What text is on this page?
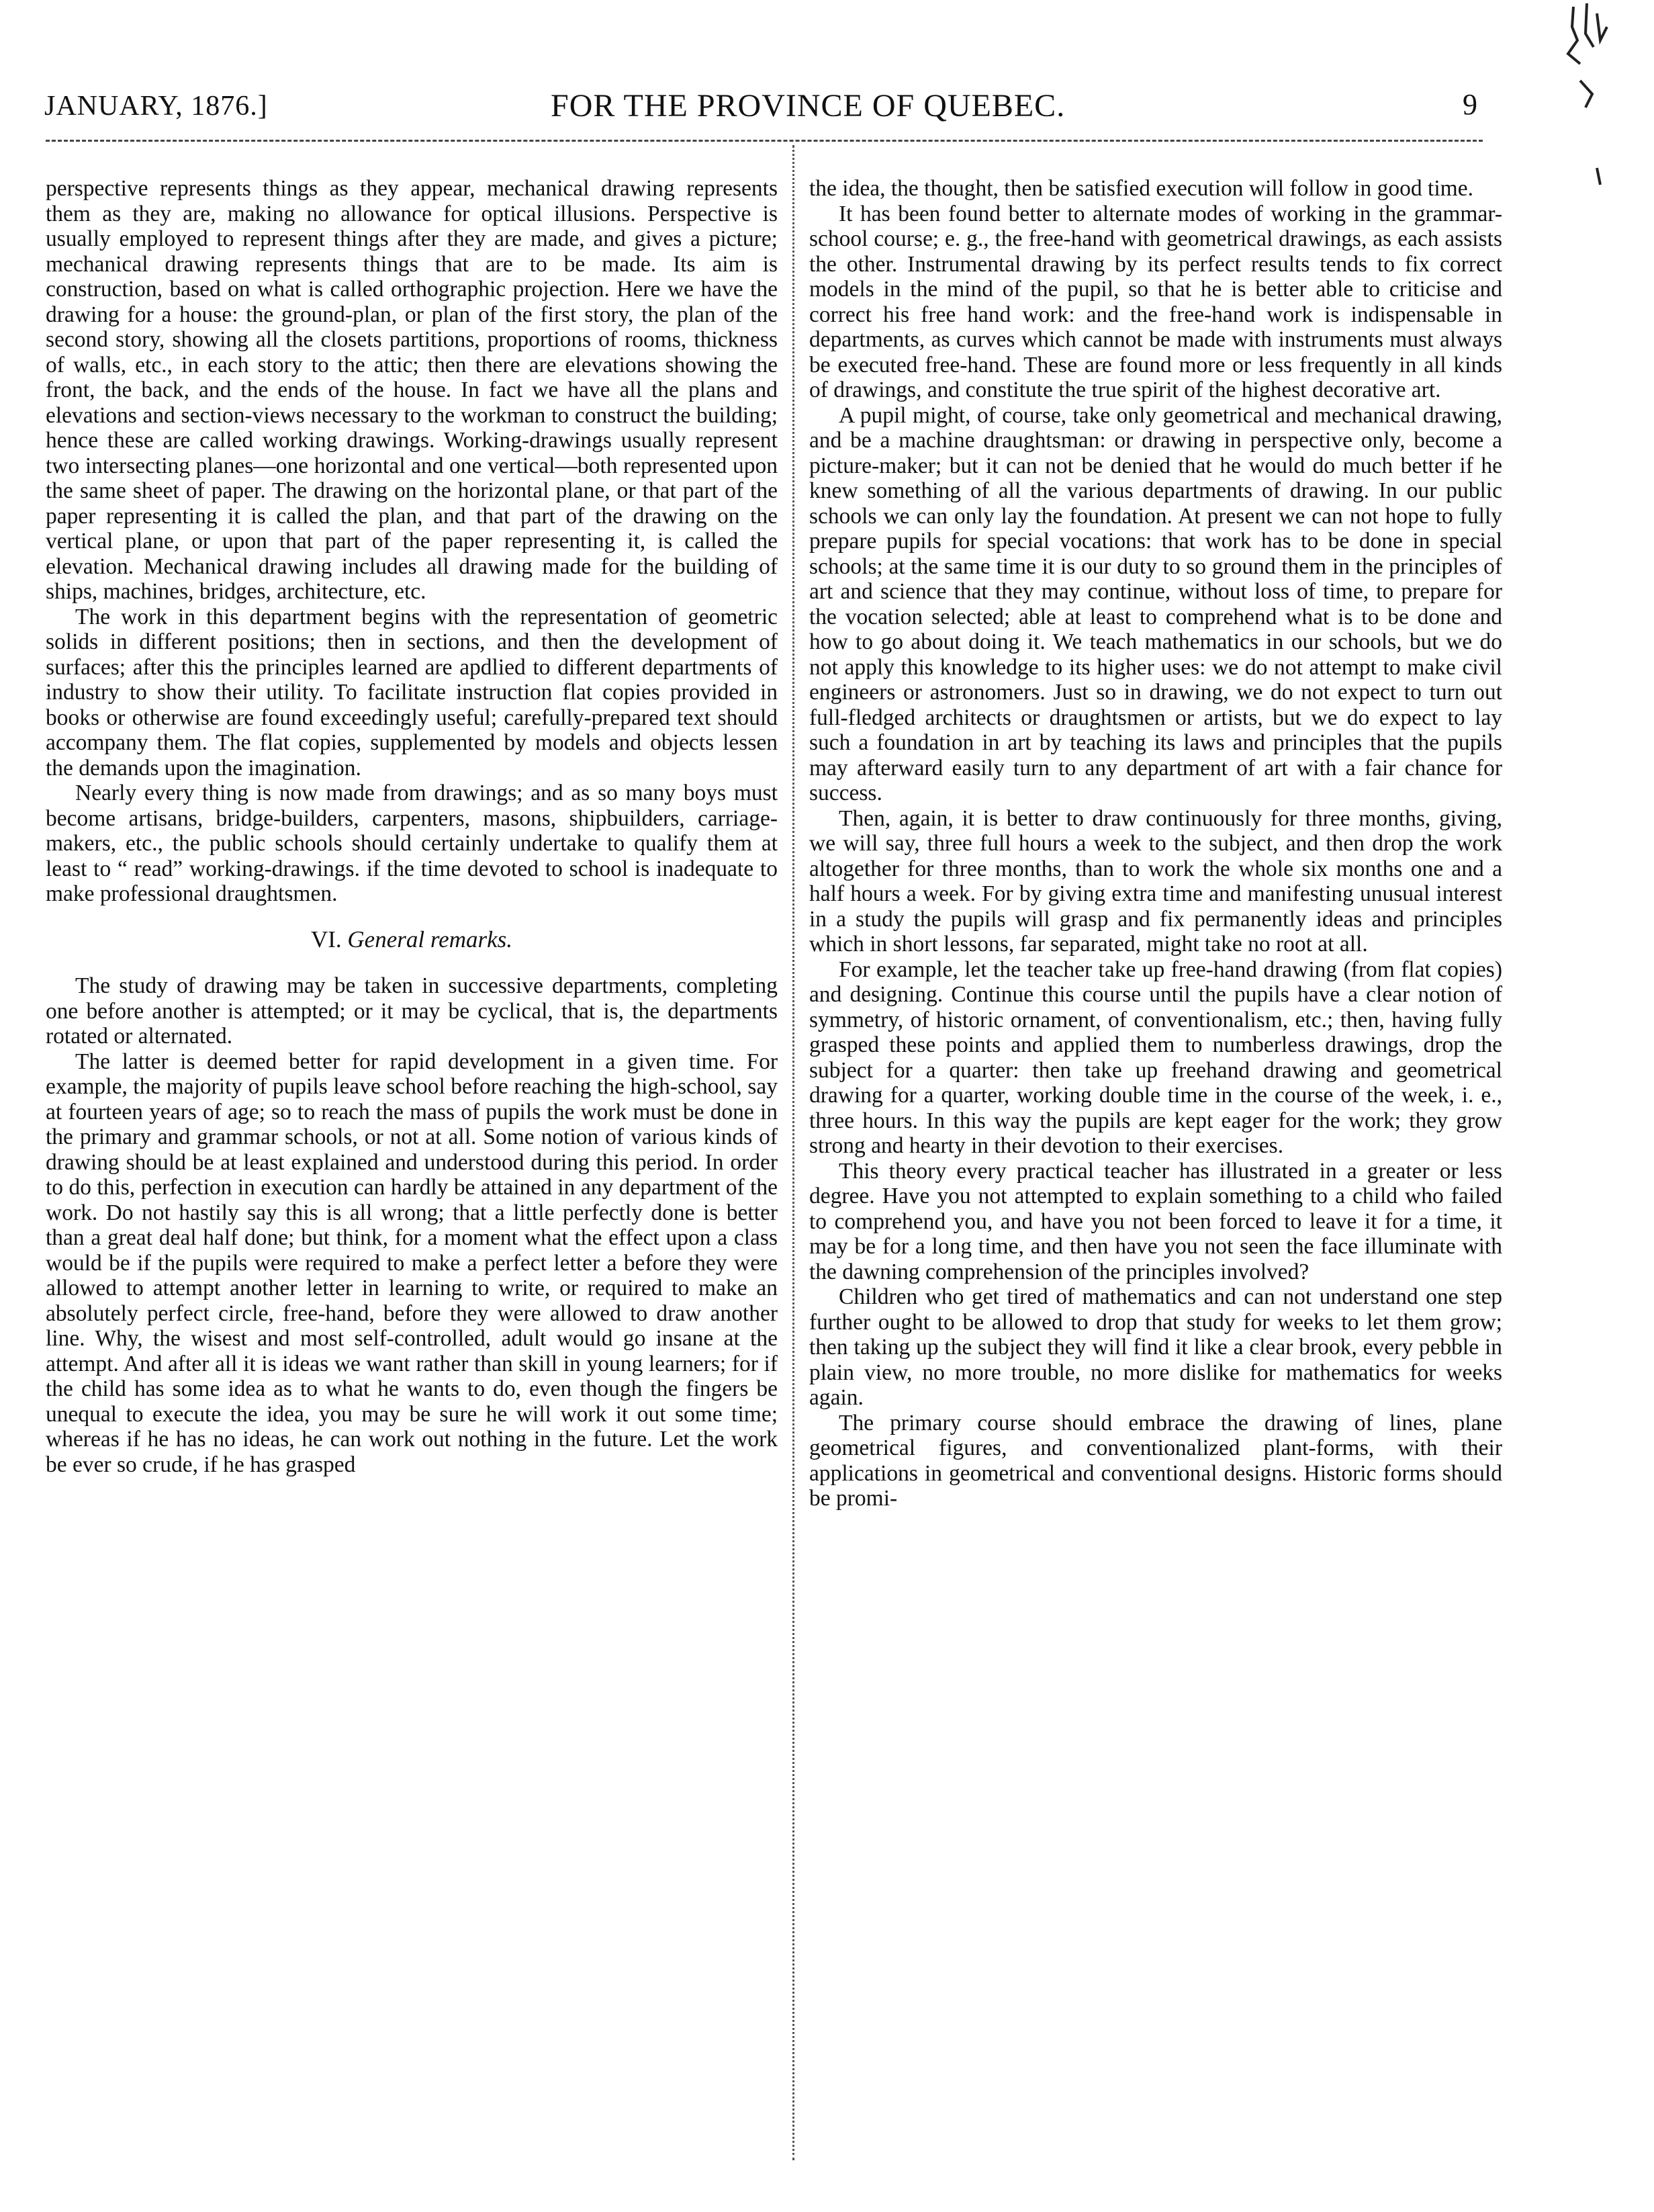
JANUARY, 1876.]	FOR THE PROVINCE OF QUEBEC.	9

perspective represents things as they appear, mechanical drawing represents them as they are, making no allowance for optical illusions. Perspective is usually employed to represent things after they are made, and gives a picture; mechanical drawing represents things that are to be made. Its aim is construction, based on what is called orthographic projection. Here we have the drawing for a house: the ground-plan, or plan of the first story, the plan of the second story, showing all the closets partitions, proportions of rooms, thickness of walls, etc., in each story to the attic; then there are elevations showing the front, the back, and the ends of the house. In fact we have all the plans and elevations and section-views necessary to the workman to construct the building; hence these are called working drawings. Working-drawings usually represent two intersecting planes—one horizontal and one vertical—both represented upon the same sheet of paper. The drawing on the horizontal plane, or that part of the paper representing it is called the plan, and that part of the drawing on the vertical plane, or upon that part of the paper representing it, is called the elevation. Mechanical drawing includes all drawing made for the building of ships, machines, bridges, architecture, etc.

The work in this department begins with the representation of geometric solids in different positions; then in sections, and then the development of surfaces; after this the principles learned are apdlied to different departments of industry to show their utility. To facilitate instruction flat copies provided in books or otherwise are found exceedingly useful; carefully-prepared text should accompany them. The flat copies, supplemented by models and objects lessen the demands upon the imagination.

Nearly every thing is now made from drawings; and as so many boys must become artisans, bridge-builders, carpenters, masons, shipbuilders, carriage-makers, etc., the public schools should certainly undertake to qualify them at least to “ read” working-drawings. if the time devoted to school is inadequate to make professional draughtsmen.

VI. General remarks.

The study of drawing may be taken in successive departments, completing one before another is attempted; or it may be cyclical, that is, the departments rotated or alternated.

The latter is deemed better for rapid development in a given time. For example, the majority of pupils leave school before reaching the high-school, say at fourteen years of age; so to reach the mass of pupils the work must be done in the primary and grammar schools, or not at all. Some notion of various kinds of drawing should be at least explained and understood during this period. In order to do this, perfection in execution can hardly be attained in any department of the work. Do not hastily say this is all wrong; that a little perfectly done is better than a great deal half done; but think, for a moment what the effect upon a class would be if the pupils were required to make a perfect letter a before they were allowed to attempt another letter in learning to write, or required to make an absolutely perfect circle, free-hand, before they were allowed to draw another line. Why, the wisest and most self-controlled, adult would go insane at the attempt. And after all it is ideas we want rather than skill in young learners; for if the child has some idea as to what he wants to do, even though the fingers be unequal to execute the idea, you may be sure he will work it out some time; whereas if he has no ideas, he can work out nothing in the future. Let the work be ever so crude, if he has grasped

the idea, the thought, then be satisfied execution will follow in good time.

It has been found better to alternate modes of working in the grammar-school course; e. g., the free-hand with geometrical drawings, as each assists the other. Instrumental drawing by its perfect results tends to fix correct models in the mind of the pupil, so that he is better able to criticise and correct his free hand work: and the free-hand work is indispensable in departments, as curves which cannot be made with instruments must always be executed free-hand. These are found more or less frequently in all kinds of drawings, and constitute the true spirit of the highest decorative art.

A pupil might, of course, take only geometrical and mechanical drawing, and be a machine draughtsman: or drawing in perspective only, become a picture-maker; but it can not be denied that he would do much better if he knew something of all the various departments of drawing. In our public schools we can only lay the foundation. At present we can not hope to fully prepare pupils for special vocations: that work has to be done in special schools; at the same time it is our duty to so ground them in the principles of art and science that they may continue, without loss of time, to prepare for the vocation selected; able at least to comprehend what is to be done and how to go about doing it. We teach mathematics in our schools, but we do not apply this knowledge to its higher uses: we do not attempt to make civil engineers or astronomers. Just so in drawing, we do not expect to turn out full-fledged architects or draughtsmen or artists, but we do expect to lay such a foundation in art by teaching its laws and principles that the pupils may afterward easily turn to any department of art with a fair chance for success.

Then, again, it is better to draw continuously for three months, giving, we will say, three full hours a week to the subject, and then drop the work altogether for three months, than to work the whole six months one and a half hours a week. For by giving extra time and manifesting unusual interest in a study the pupils will grasp and fix permanently ideas and principles which in short lessons, far separated, might take no root at all.

For example, let the teacher take up free-hand drawing (from flat copies) and designing. Continue this course until the pupils have a clear notion of symmetry, of historic ornament, of conventionalism, etc.; then, having fully grasped these points and applied them to numberless drawings, drop the subject for a quarter: then take up freehand drawing and geometrical drawing for a quarter, working double time in the course of the week, i. e., three hours. In this way the pupils are kept eager for the work; they grow strong and hearty in their devotion to their exercises.

This theory every practical teacher has illustrated in a greater or less degree. Have you not attempted to explain something to a child who failed to comprehend you, and have you not been forced to leave it for a time, it may be for a long time, and then have you not seen the face illuminate with the dawning comprehension of the principles involved?

Children who get tired of mathematics and can not understand one step further ought to be allowed to drop that study for weeks to let them grow; then taking up the subject they will find it like a clear brook, every pebble in plain view, no more trouble, no more dislike for mathematics for weeks again.

The primary course should embrace the drawing of lines, plane geometrical figures, and conventionalized plant-forms, with their applications in geometrical and conventional designs. Historic forms should be promi-
